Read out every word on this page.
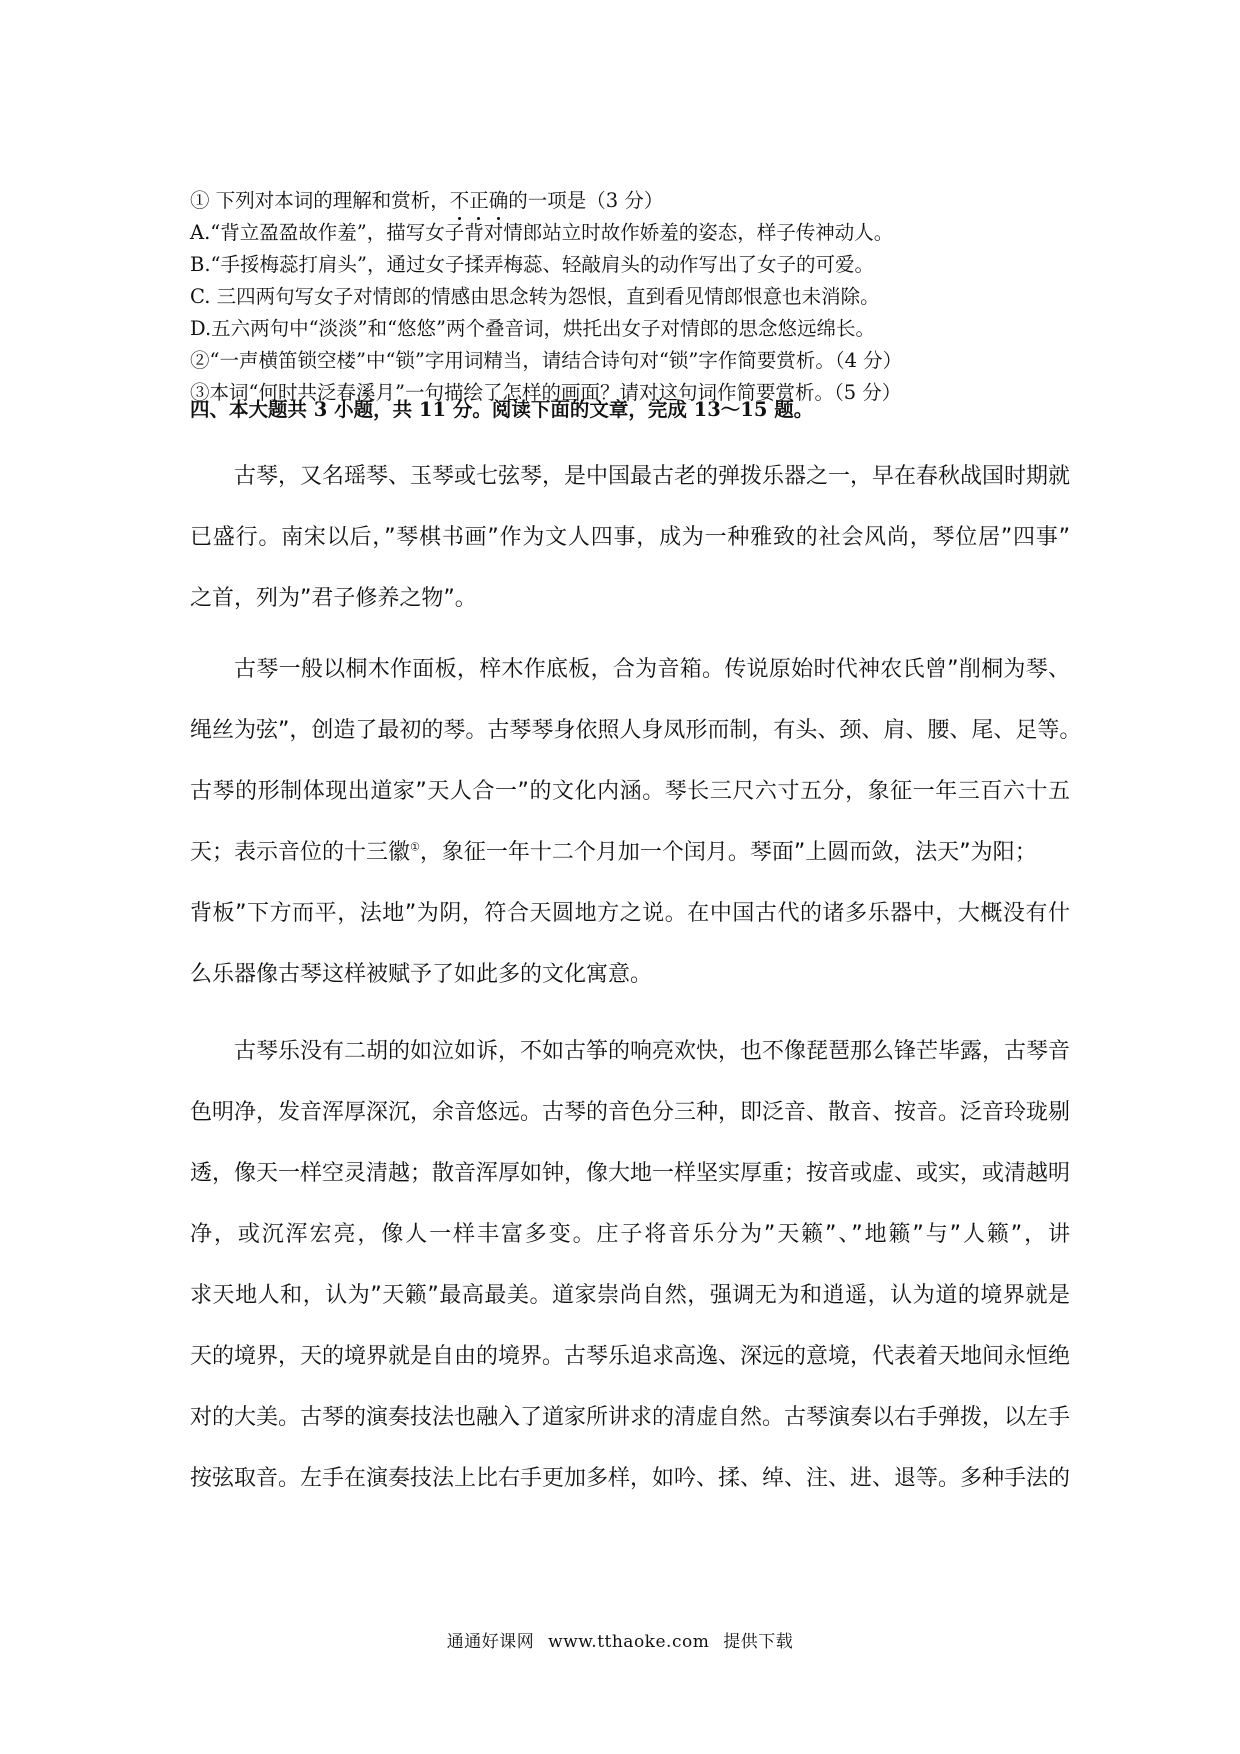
① 下列对本词的理解和赏析，不正确的一项是（3 分）
A.“背立盈盈故作羞”，描写女子背对情郎站立时故作娇羞的姿态，样子传神动人。
B.“手挼梅蕊打肩头”，通过女子揉弄梅蕊、轻敲肩头的动作写出了女子的可爱。
C. 三四两句写女子对情郎的情感由思念转为怨恨，直到看见情郎恨意也未消除。
D.五六两句中“淡淡”和“悠悠”两个叠音词，烘托出女子对情郎的思念悠远绵长。
②“一声横笛锁空楼”中“锁”字用词精当，请结合诗句对“锁”字作简要赏析。（4 分）
③本词“何时共泛春溪月”一句描绘了怎样的画面？请对这句词作简要赏析。（5 分）
四、本大题共 3 小题，共 11 分。阅读下面的文章，完成 13～15 题。
古琴，又名瑶琴、玉琴或七弦琴，是中国最古老的弹拨乐器之一，早在春秋战国时期就
已盛行。南宋以后，”琴棋书画”作为文人四事，成为一种雅致的社会风尚，琴位居”四事”
之首，列为”君子修养之物”。
古琴一般以桐木作面板，梓木作底板，合为音箱。传说原始时代神农氏曾”削桐为琴、
绳丝为弦”，创造了最初的琴。古琴琴身依照人身凤形而制，有头、颈、肩、腰、尾、足等。
古琴的形制体现出道家”天人合一”的文化内涵。琴长三尺六寸五分，象征一年三百六十五
天；表示音位的十三徽①，象征一年十二个月加一个闰月。琴面”上圆而敛，法天”为阳；
背板”下方而平，法地”为阴，符合天圆地方之说。在中国古代的诸多乐器中，大概没有什
么乐器像古琴这样被赋予了如此多的文化寓意。
古琴乐没有二胡的如泣如诉，不如古筝的响亮欢快，也不像琵琶那么锋芒毕露，古琴音
色明净，发音浑厚深沉，余音悠远。古琴的音色分三种，即泛音、散音、按音。泛音玲珑剔
透，像天一样空灵清越；散音浑厚如钟，像大地一样坚实厚重；按音或虚、或实，或清越明
净，或沉浑宏亮，像人一样丰富多变。庄子将音乐分为”天籁”、”地籁”与”人籁”，讲
求天地人和，认为”天籁”最高最美。道家崇尚自然，强调无为和逍遥，认为道的境界就是
天的境界，天的境界就是自由的境界。古琴乐追求高逸、深远的意境，代表着天地间永恒绝
对的大美。古琴的演奏技法也融入了道家所讲求的清虚自然。古琴演奏以右手弹拨，以左手
按弦取音。左手在演奏技法上比右手更加多样，如吟、揉、绰、注、进、退等。多种手法的
通通好课网 www.tthaoke.com 提供下载
